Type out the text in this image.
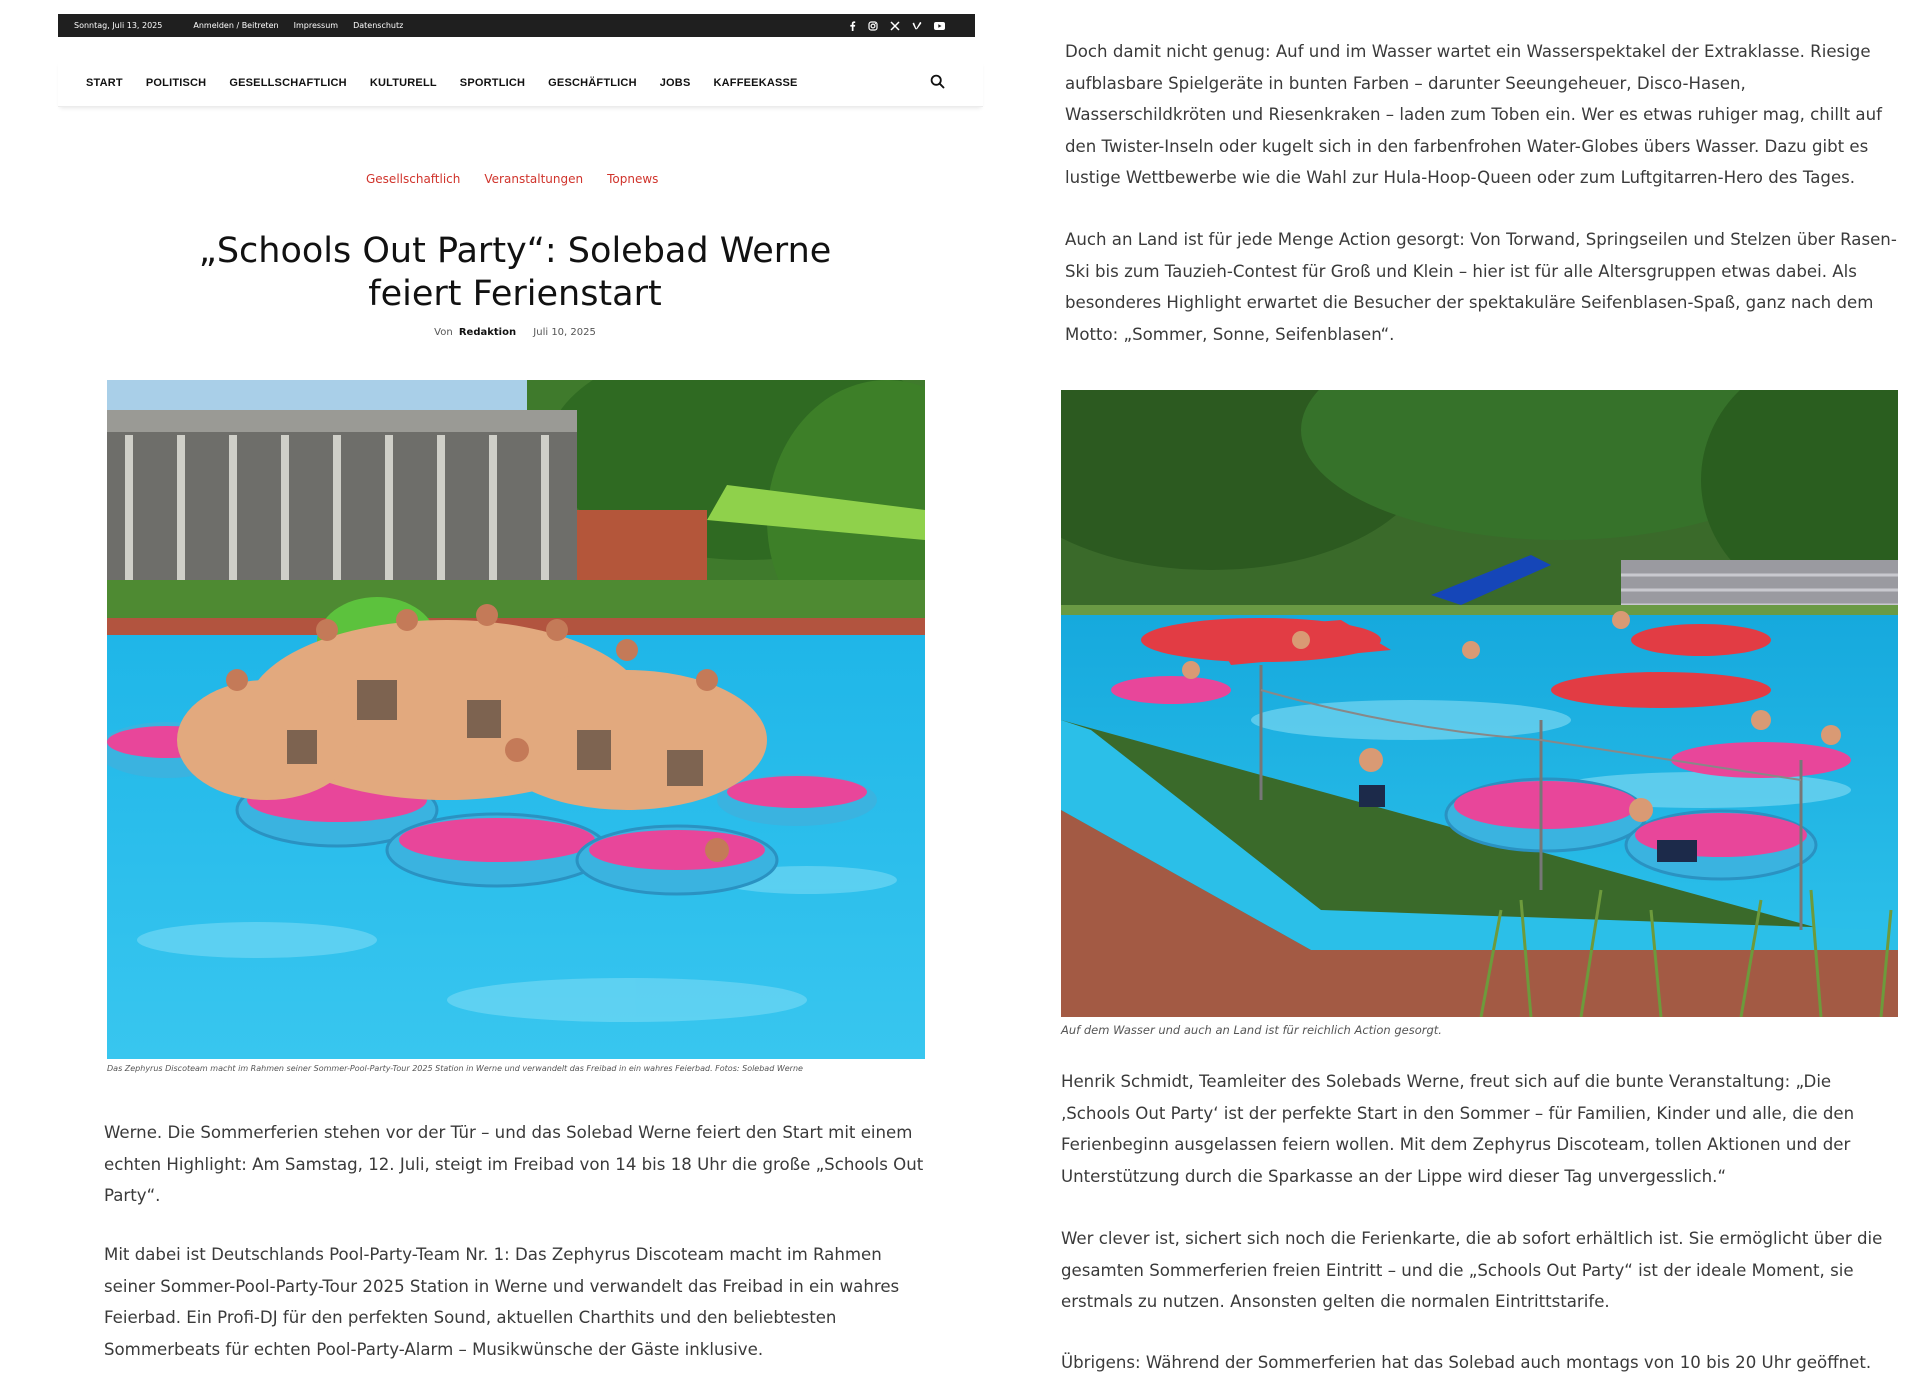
Sonntag, Juli 13, 2025	Anmelden / Beitreten Impressum Datenschutz
START POLITISCH GESELLSCHAFTLICH KULTURELL SPORTLICH GESCHÄFTLICH JOBS KAFFEEKASSE
Gesellschaftlich Veranstaltungen Topnews
„Schools Out Party“: Solebad Werne feiert Ferienstart
Von Redaktion Juli 10, 2025
Das Zephyrus Discoteam macht im Rahmen seiner Sommer-Pool-Party-Tour 2025 Station in Werne und verwandelt das Freibad in ein wahres Feierbad. Fotos: Solebad Werne

Werne. Die Sommerferien stehen vor der Tür – und das Solebad Werne feiert den Start mit einem echten Highlight: Am Samstag, 12. Juli, steigt im Freibad von 14 bis 18 Uhr die große „Schools Out Party“.

Mit dabei ist Deutschlands Pool-Party-Team Nr. 1: Das Zephyrus Discoteam macht im Rahmen seiner Sommer-Pool-Party-Tour 2025 Station in Werne und verwandelt das Freibad in ein wahres Feierbad. Ein Profi-DJ für den perfekten Sound, aktuellen Charthits und den beliebtesten Sommerbeats für echten Pool-Party-Alarm – Musikwünsche der Gäste inklusive.

Doch damit nicht genug: Auf und im Wasser wartet ein Wasserspektakel der Extraklasse. Riesige aufblasbare Spielgeräte in bunten Farben – darunter Seeungeheuer, Disco-Hasen, Wasserschildkröten und Riesenkraken – laden zum Toben ein. Wer es etwas ruhiger mag, chillt auf den Twister-Inseln oder kugelt sich in den farbenfrohen Water-Globes übers Wasser. Dazu gibt es lustige Wettbewerbe wie die Wahl zur Hula-Hoop-Queen oder zum Luftgitarren-Hero des Tages.

Auch an Land ist für jede Menge Action gesorgt: Von Torwand, Springseilen und Stelzen über Rasen-Ski bis zum Tauzieh-Contest für Groß und Klein – hier ist für alle Altersgruppen etwas dabei. Als besonderes Highlight erwartet die Besucher der spektakuläre Seifenblasen-Spaß, ganz nach dem Motto: „Sommer, Sonne, Seifenblasen“.

Auf dem Wasser und auch an Land ist für reichlich Action gesorgt.

Henrik Schmidt, Teamleiter des Solebads Werne, freut sich auf die bunte Veranstaltung: „Die ‚Schools Out Party‘ ist der perfekte Start in den Sommer – für Familien, Kinder und alle, die den Ferienbeginn ausgelassen feiern wollen. Mit dem Zephyrus Discoteam, tollen Aktionen und der Unterstützung durch die Sparkasse an der Lippe wird dieser Tag unvergesslich.“

Wer clever ist, sichert sich noch die Ferienkarte, die ab sofort erhältlich ist. Sie ermöglicht über die gesamten Sommerferien freien Eintritt – und die „Schools Out Party“ ist der ideale Moment, sie erstmals zu nutzen. Ansonsten gelten die normalen Eintrittstarife.

Übrigens: Während der Sommerferien hat das Solebad auch montags von 10 bis 20 Uhr geöffnet.
